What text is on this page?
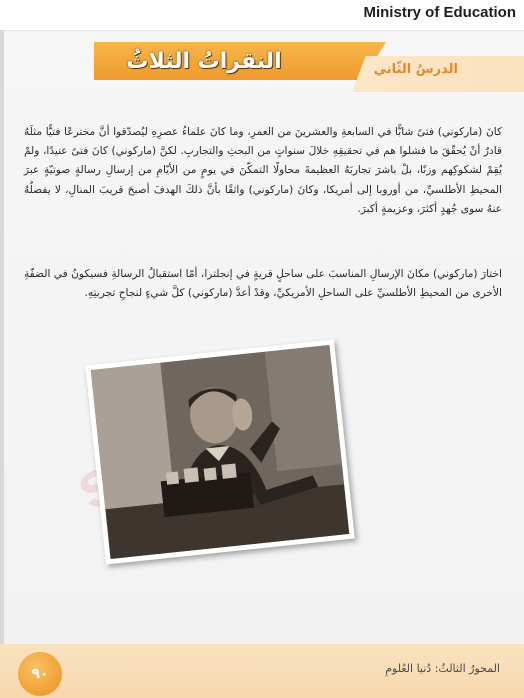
Ministry of Education
النقراتُ الثلاثُ	الدرسُ الثّاني
كانَ (ماركوني) فتىً شابًّا في السابعةِ والعشرينَ من العمرِ، وما كانَ علماءُ عصرِهِ ليُصدّقوا أنَّ مخترعًا فتيًّا مثلَهُ قادرٌ أنْ يُحقّقَ ما فشلوا هم في تحقيقِهِ خلالَ سنواتٍ من البحثِ والتجاربِ. لكنَّ (ماركوني) كانَ فتىً عنيدًا، ولمْ يُقِمْ لشكوكِهم وزنًا، بلْ باشرَ تجاربَهُ العظيمةَ محاولًا التمكّنَ في يومٍ من الأيّامِ من إرسالِ رسالةٍ صوتيّةٍ عبرَ المحيطِ الأطلسيِّ، من أوروبا إلى أمريكا، وكانَ (ماركوني) واثقًا بأنَّ ذلكَ الهدفَ أصبحَ قريبَ المنالِ، لا يفصلُهُ عنهُ سوى جُهدٍ أكثرَ، وعزيمةٍ أكبرَ.
اختارَ (ماركوني) مكانَ الإرسالِ المناسبَ على ساحلٍ قريةٍ في إنجلترا، أمّا استقبالُ الرسالةِ فسيكونُ في الضفّةِ الأخرى من المحيطِ الأطلسيِّ على الساحلِ الأمريكيِّ، وقدْ أعدَّ (ماركوني) كلَّ شيءٍ لنجاحِ تجربتِهِ.
٩٠	المحورُ الثالثُ: دُنيا العُلومِ
